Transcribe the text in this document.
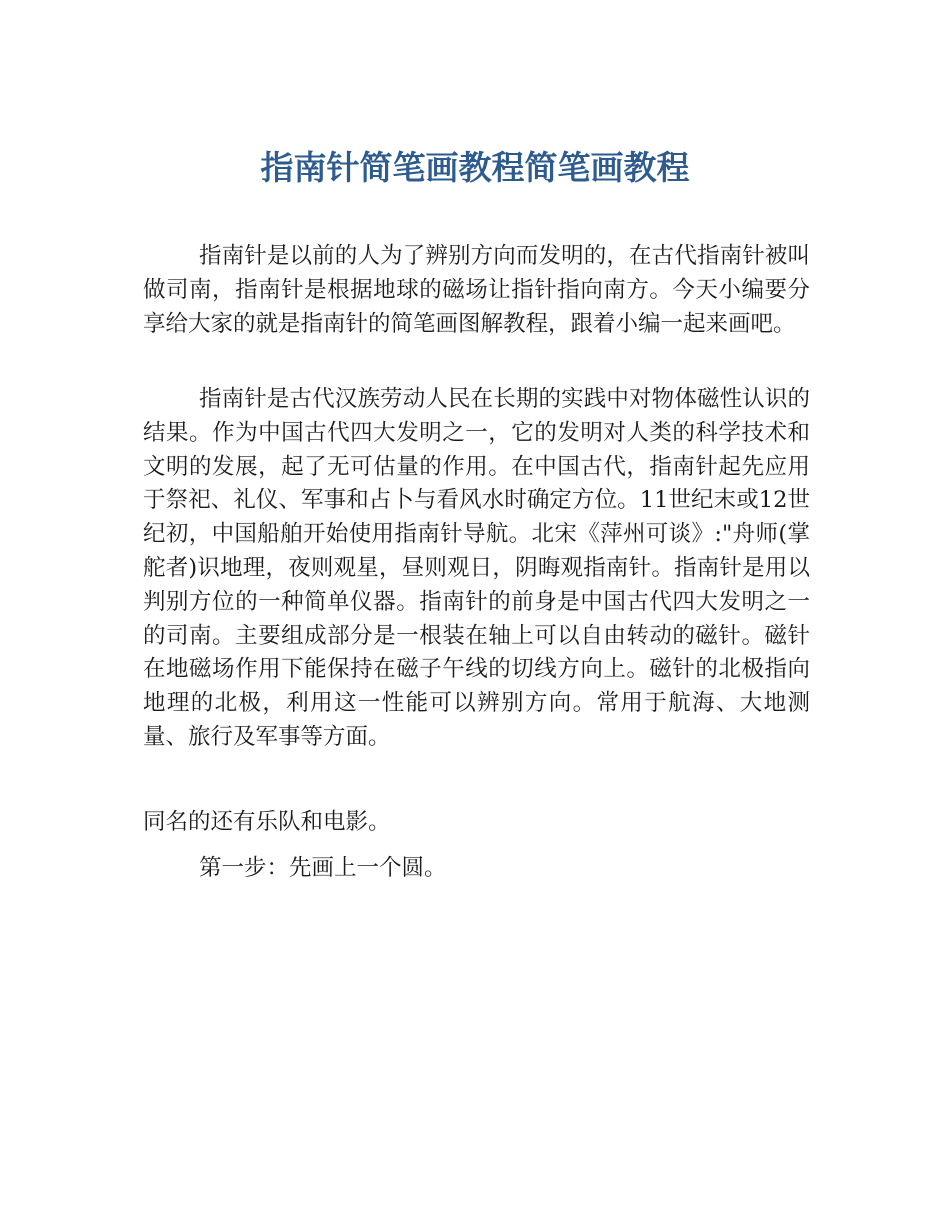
指南针简笔画教程简笔画教程

指南针是以前的人为了辨别方向而发明的，在古代指南针被叫做司南，指南针是根据地球的磁场让指针指向南方。今天小编要分享给大家的就是指南针的简笔画图解教程，跟着小编一起来画吧。

指南针是古代汉族劳动人民在长期的实践中对物体磁性认识的结果。作为中国古代四大发明之一，它的发明对人类的科学技术和文明的发展，起了无可估量的作用。在中国古代，指南针起先应用于祭祀、礼仪、军事和占卜与看风水时确定方位。11世纪末或12世纪初，中国船舶开始使用指南针导航。北宋《萍州可谈》:"舟师(掌舵者)识地理，夜则观星，昼则观日，阴晦观指南针。指南针是用以判别方位的一种简单仪器。指南针的前身是中国古代四大发明之一的司南。主要组成部分是一根装在轴上可以自由转动的磁针。磁针在地磁场作用下能保持在磁子午线的切线方向上。磁针的北极指向地理的北极，利用这一性能可以辨别方向。常用于航海、大地测量、旅行及军事等方面。

同名的还有乐队和电影。

第一步：先画上一个圆。
